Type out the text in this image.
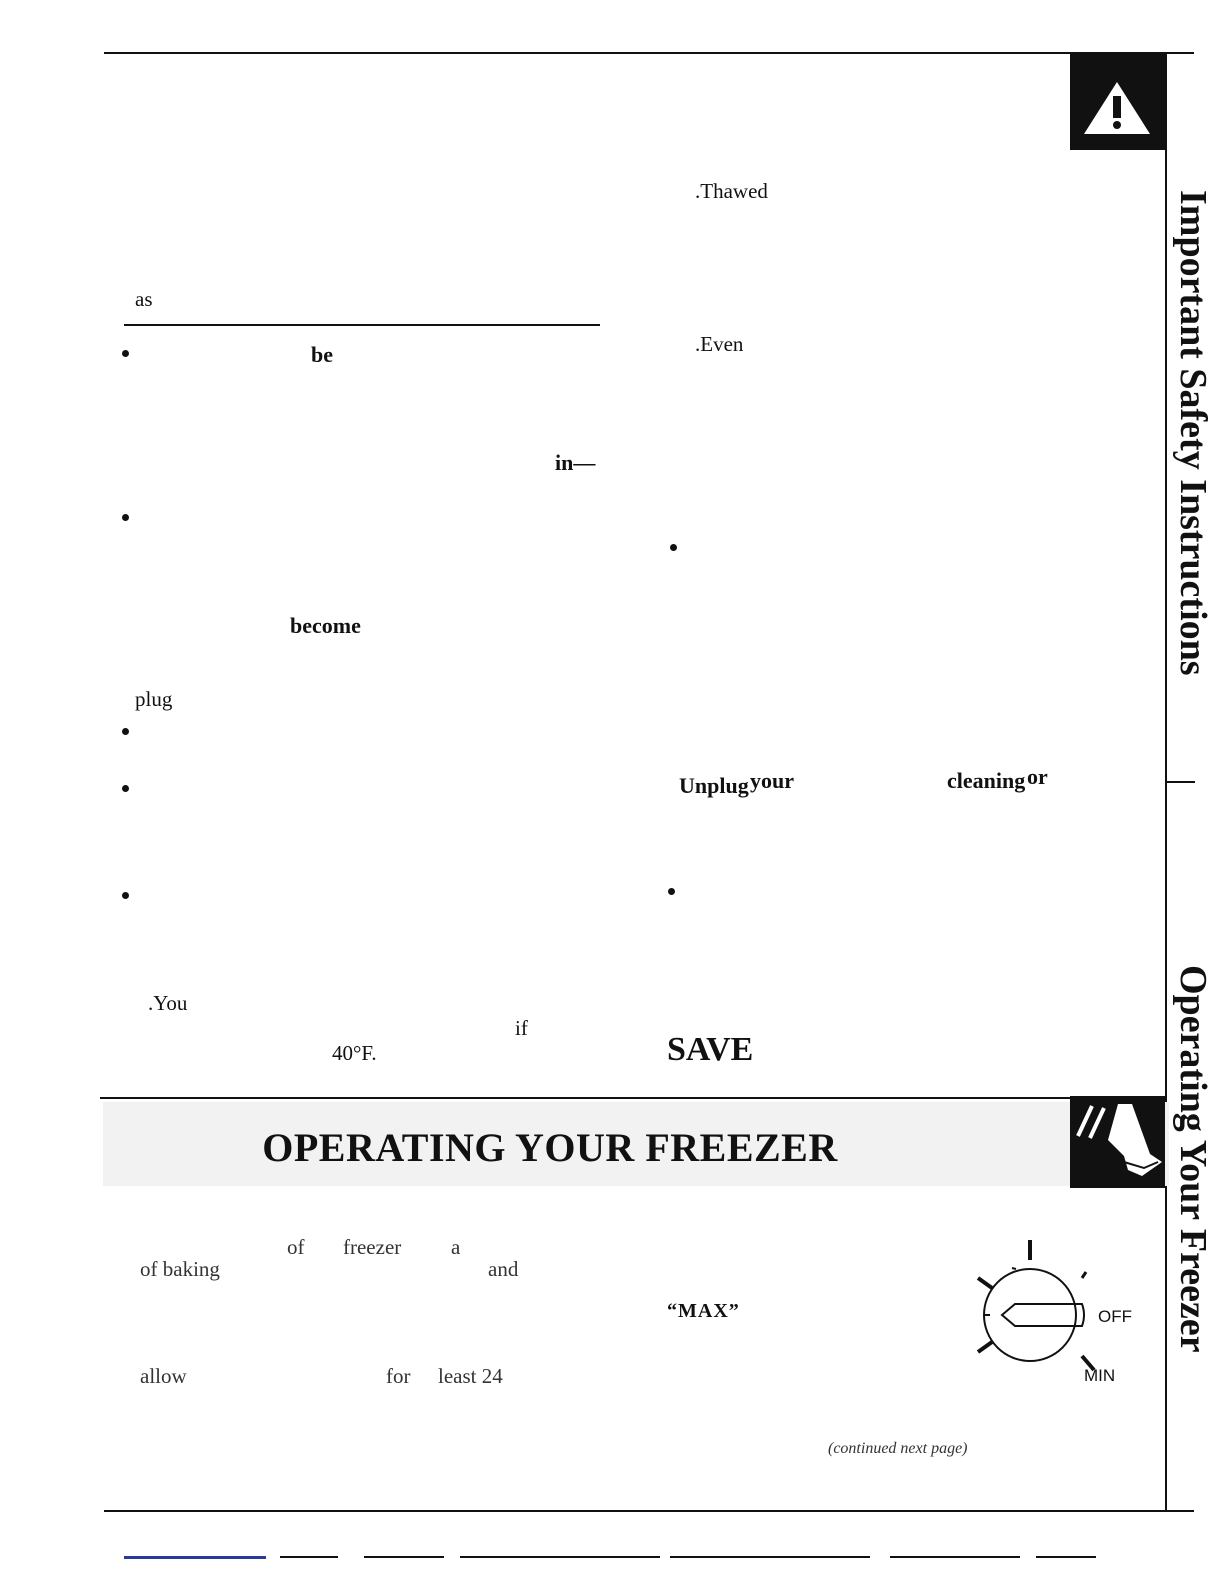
Important Safety Instructions
Operating Your Freezer
as
be
in—
become
plug
.You
if
40°F.
.Thawed
.Even
Unplug your	cleaning or
SAVE
OPERATING YOUR FREEZER
of freezer a
of baking	and
“MAX”
allow	for least 24
(continued next page)
OFF
MIN
